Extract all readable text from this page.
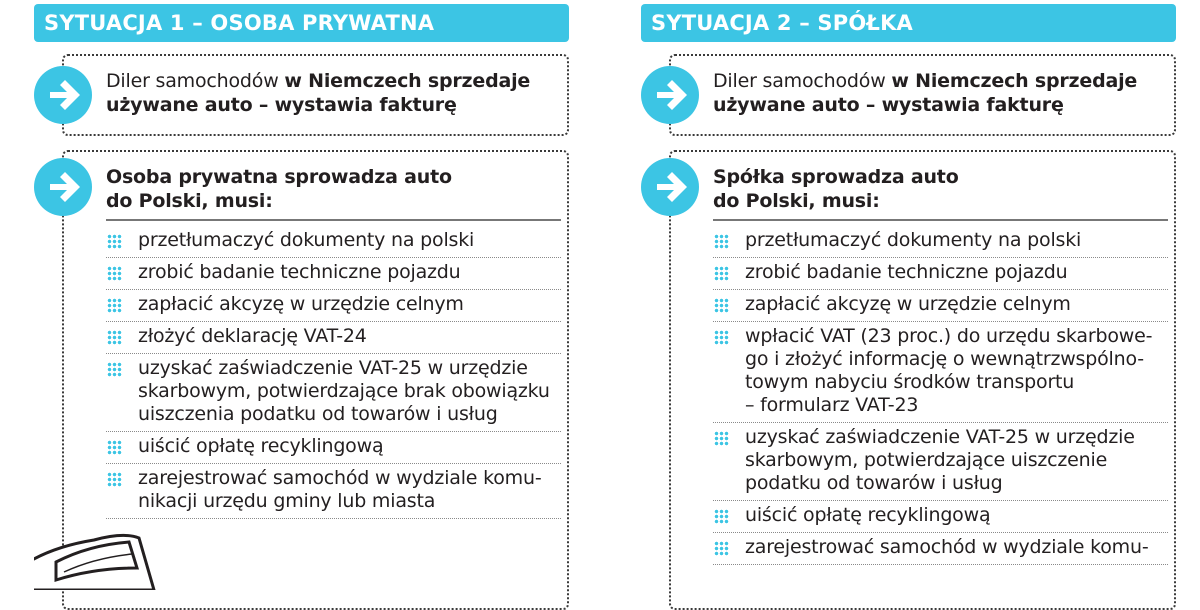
SYTUACJA 1 – OSOBA PRYWATNA
Diler samochodów w Niemczech sprzedaje
używane auto – wystawia fakturę
Osoba prywatna sprowadza auto
do Polski, musi:
przetłumaczyć dokumenty na polski
zrobić badanie techniczne pojazdu
zapłacić akcyzę w urzędzie celnym
złożyć deklarację VAT-24
uzyskać zaświadczenie VAT-25 w urzędzie
skarbowym, potwierdzające brak obowiązku
uiszczenia podatku od towarów i usług
uiścić opłatę recyklingową
zarejestrować samochód w wydziale komu-
nikacji urzędu gminy lub miasta
SYTUACJA 2 – SPÓŁKA
Diler samochodów w Niemczech sprzedaje
używane auto – wystawia fakturę
Spółka sprowadza auto
do Polski, musi:
przetłumaczyć dokumenty na polski
zrobić badanie techniczne pojazdu
zapłacić akcyzę w urzędzie celnym
wpłacić VAT (23 proc.) do urzędu skarbowe-
go i złożyć informację o wewnątrzwspólno-
towym nabyciu środków transportu
– formularz VAT-23
uzyskać zaświadczenie VAT-25 w urzędzie
skarbowym, potwierdzające uiszczenie
podatku od towarów i usług
uiścić opłatę recyklingową
zarejestrować samochód w wydziale komu-
